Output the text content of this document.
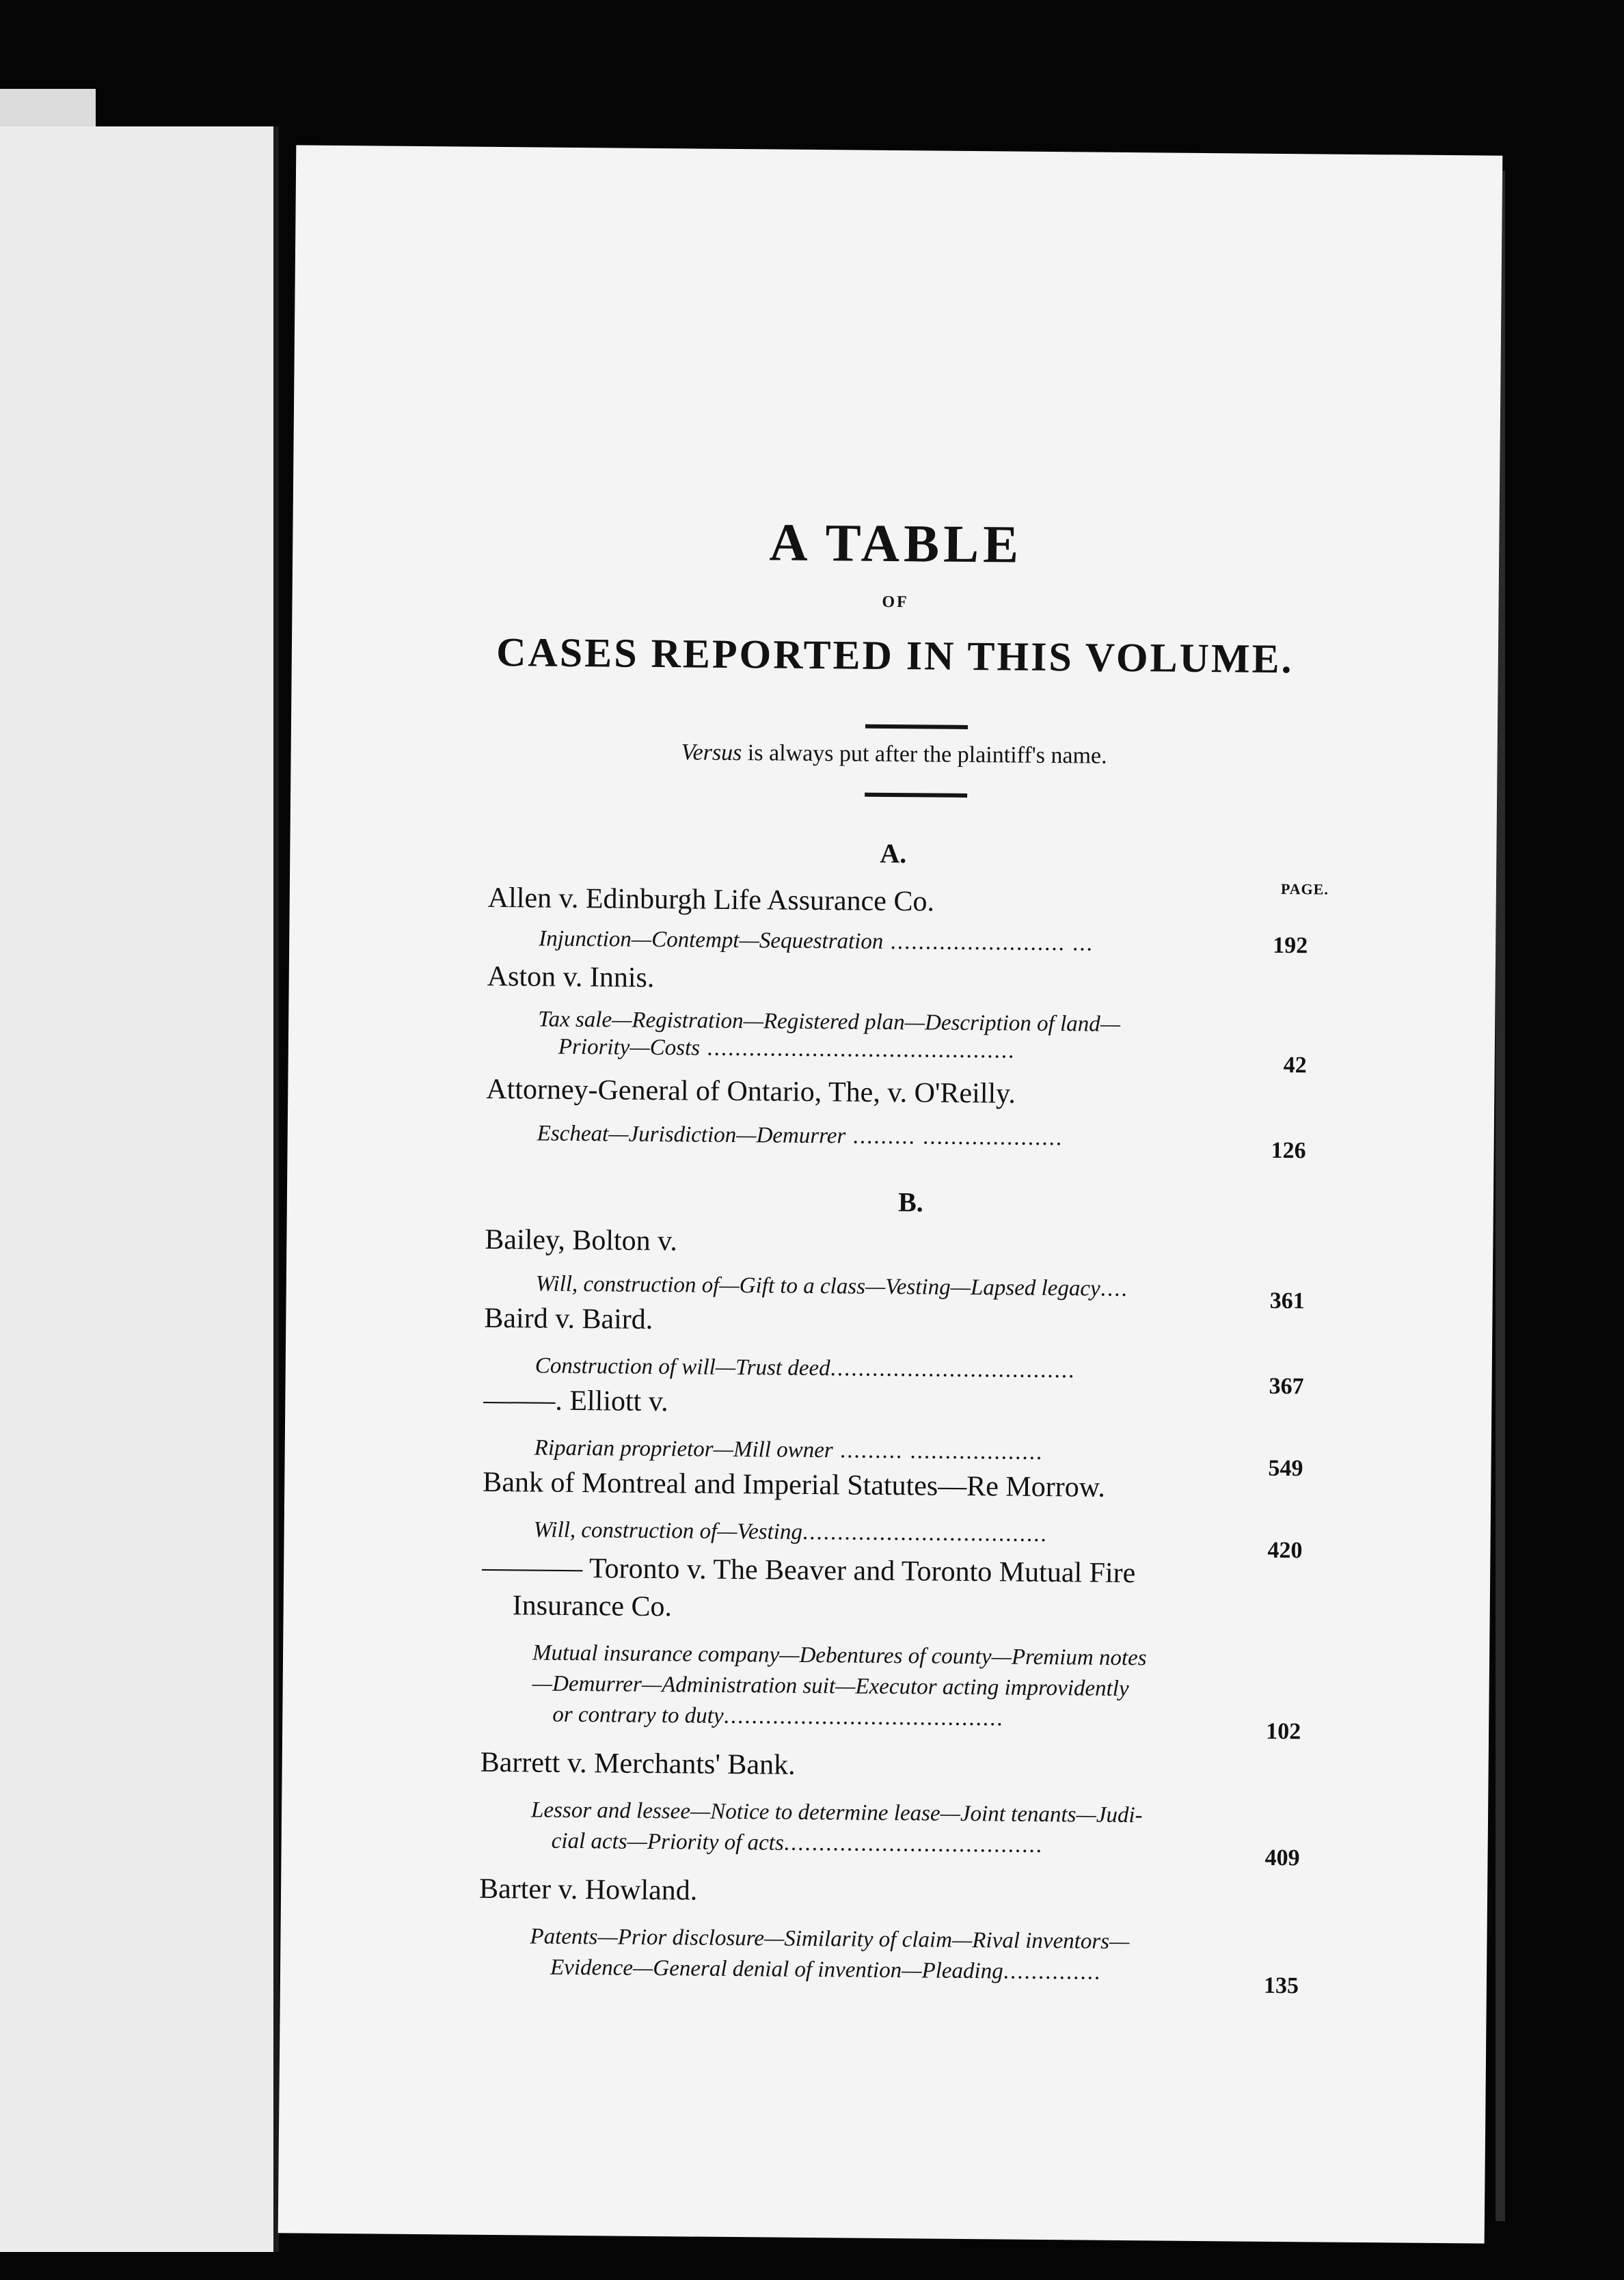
A TABLE
OF
CASES REPORTED IN THIS VOLUME.
Versus is always put after the plaintiff's name.
A.
PAGE.
Allen v. Edinburgh Life Assurance Co.
Injunction—Contempt—Sequestration ......................... ...	192
Aston v. Innis.
Tax sale—Registration—Registered plan—Description of land—
Priority—Costs ............................................
42
Attorney-General of Ontario, The, v. O'Reilly.
Escheat—Jurisdiction—Demurrer ......... ....................
126
B.
Bailey, Bolton v.
Will, construction of—Gift to a class—Vesting—Lapsed legacy....	361
Baird v. Baird.
Construction of will—Trust deed...................................
367
——–. Elliott v.
Riparian proprietor—Mill owner ......... ...................
549
Bank of Montreal and Imperial Statutes—Re Morrow.
Will, construction of—Vesting...................................
420
———– Toronto v. The Beaver and Toronto Mutual Fire
Insurance Co.
Mutual insurance company—Debentures of county—Premium notes
—Demurrer—Administration suit—Executor acting improvidently
or contrary to duty........................................
102
Barrett v. Merchants' Bank.
Lessor and lessee—Notice to determine lease—Joint tenants—Judi-
cial acts—Priority of acts.....................................
409
Barter v. Howland.
Patents—Prior disclosure—Similarity of claim—Rival inventors—
Evidence—General denial of invention—Pleading..............
135
